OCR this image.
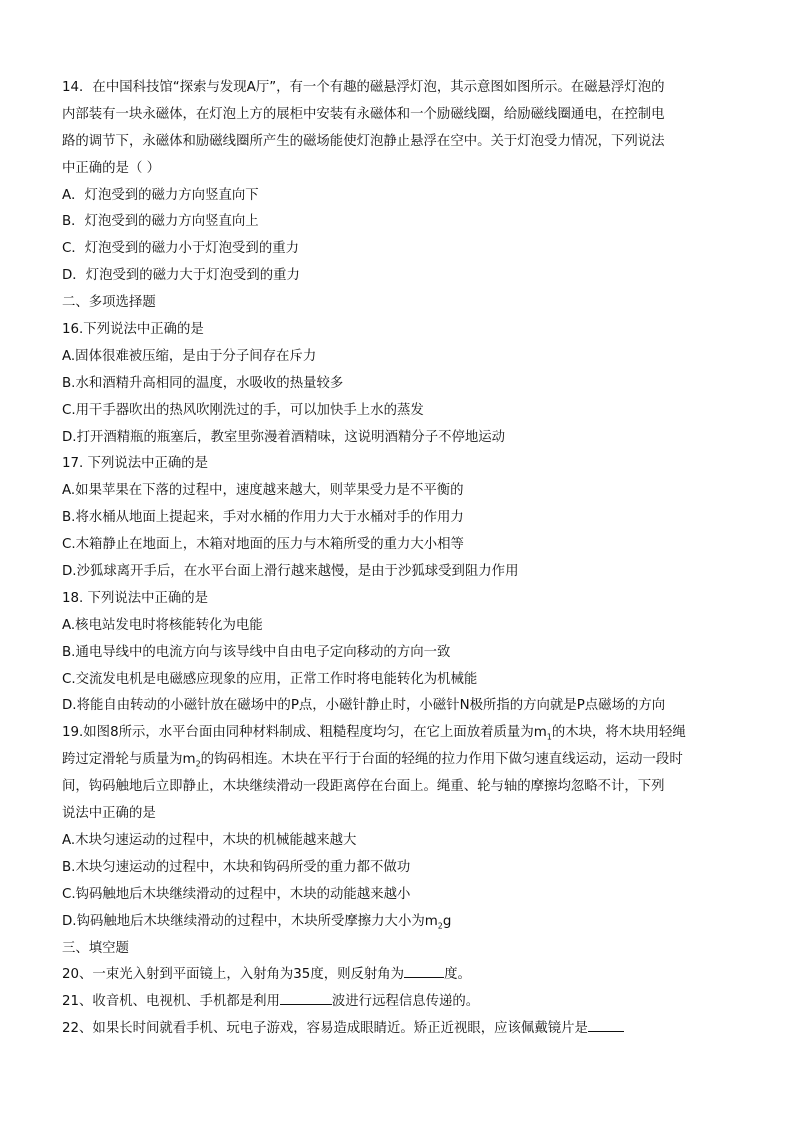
14．在中国科技馆“探索与发现A厅”，有一个有趣的磁悬浮灯泡，其示意图如图所示。在磁悬浮灯泡的
内部装有一块永磁体，在灯泡上方的展柜中安装有永磁体和一个励磁线圈，给励磁线圈通电，在控制电
路的调节下，永磁体和励磁线圈所产生的磁场能使灯泡静止悬浮在空中。关于灯泡受力情况，下列说法
中正确的是（ ）
A．灯泡受到的磁力方向竖直向下
B．灯泡受到的磁力方向竖直向上
C．灯泡受到的磁力小于灯泡受到的重力
D．灯泡受到的磁力大于灯泡受到的重力
二、多项选择题
16.下列说法中正确的是
A.固体很难被压缩，是由于分子间存在斥力
B.水和酒精升高相同的温度，水吸收的热量较多
C.用干手器吹出的热风吹刚洗过的手，可以加快手上水的蒸发
D.打开酒精瓶的瓶塞后，教室里弥漫着酒精味，这说明酒精分子不停地运动
17. 下列说法中正确的是
A.如果苹果在下落的过程中，速度越来越大，则苹果受力是不平衡的
B.将水桶从地面上提起来，手对水桶的作用力大于水桶对手的作用力
C.木箱静止在地面上，木箱对地面的压力与木箱所受的重力大小相等
D.沙狐球离开手后，在水平台面上滑行越来越慢，是由于沙狐球受到阻力作用
18. 下列说法中正确的是
A.核电站发电时将核能转化为电能
B.通电导线中的电流方向与该导线中自由电子定向移动的方向一致
C.交流发电机是电磁感应现象的应用，正常工作时将电能转化为机械能
D.将能自由转动的小磁针放在磁场中的P点，小磁针静止时，小磁针N极所指的方向就是P点磁场的方向
19.如图8所示，水平台面由同种材料制成、粗糙程度均匀，在它上面放着质量为$m_1$的木块，将木块用轻绳
跨过定滑轮与质量为$m_2$的钩码相连。木块在平行于台面的轻绳的拉力作用下做匀速直线运动，运动一段时
间，钩码触地后立即静止，木块继续滑动一段距离停在台面上。绳重、轮与轴的摩擦均忽略不计，下列
说法中正确的是
A.木块匀速运动的过程中，木块的机械能越来越大
B.木块匀速运动的过程中，木块和钩码所受的重力都不做功
C.钩码触地后木块继续滑动的过程中，木块的动能越来越小
D.钩码触地后木块继续滑动的过程中，木块所受摩擦力大小为$m_2g$
三、填空题
20、一束光入射到平面镜上，入射角为35度，则反射角为	度。
21、收音机、电视机、手机都是利用	波进行远程信息传递的。
22、如果长时间就看手机、玩电子游戏，容易造成眼睛近。矫正近视眼，应该佩戴镜片是
